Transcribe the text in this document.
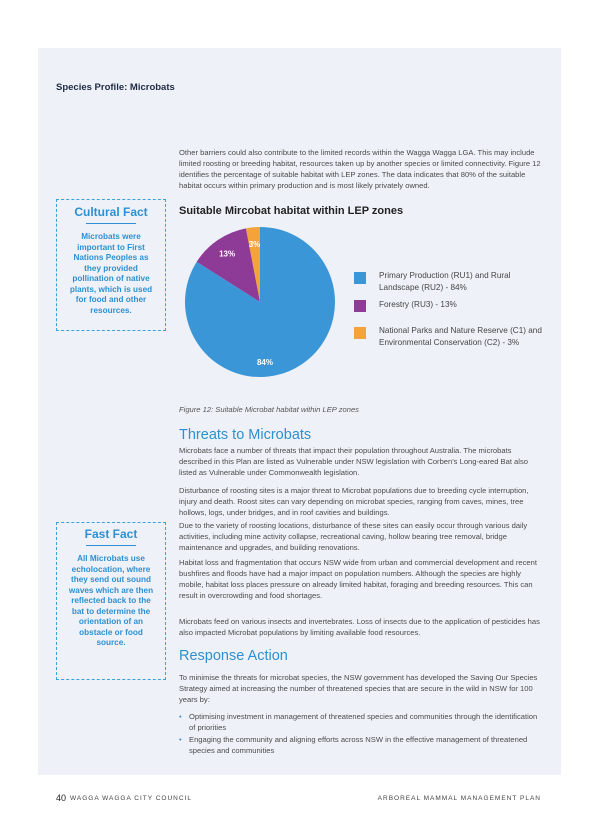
Species Profile: Microbats

Other barriers could also contribute to the limited records within the Wagga Wagga LGA. This may include limited roosting or breeding habitat, resources taken up by another species or limited connectivity. Figure 12 identifies the percentage of suitable habitat with LEP zones. The data indicates that 80% of the suitable habitat occurs within primary production and is most likely privately owned.

Cultural Fact
Microbats were important to First Nations Peoples as they provided pollination of native plants, which is used for food and other resources.
Fast Fact
All Microbats use echolocation, where they send out sound waves which are then reflected back to the bat to determine the orientation of an obstacle or food source.
Suitable Mircobat habitat within LEP zones
13%
3%
84%
Primary Production (RU1) and Rural Landscape (RU2) - 84%
Forestry (RU3) - 13%
National Parks and Nature Reserve (C1) and Environmental Conservation (C2) - 3%
Figure 12: Suitable Microbat habitat within LEP zones
Threats to Microbats

Microbats face a number of threats that impact their population throughout Australia. The microbats described in this Plan are listed as Vulnerable under NSW legislation with Corben's Long-eared Bat also listed as Vulnerable under Commonwealth legislation.

Disturbance of roosting sites is a major threat to Microbat populations due to breeding cycle interruption, injury and death. Roost sites can vary depending on microbat species, ranging from caves, mines, tree hollows, logs, under bridges, and in roof cavities and buildings.

Due to the variety of roosting locations, disturbance of these sites can easily occur through various daily activities, including mine activity collapse, recreational caving, hollow bearing tree removal, bridge maintenance and upgrades, and building renovations.

Habitat loss and fragmentation that occurs NSW wide from urban and commercial development and recent bushfires and floods have had a major impact on population numbers. Although the species are highly mobile, habitat loss places pressure on already limited habitat, foraging and breeding resources. This can result in overcrowding and food shortages.

Microbats feed on various insects and invertebrates. Loss of insects due to the application of pesticides has also impacted Microbat populations by limiting available food resources.

Response Action

To minimise the threats for microbat species, the NSW government has developed the Saving Our Species Strategy aimed at increasing the number of threatened species that are secure in the wild in NSW for 100 years by:

• Optimising investment in management of threatened species and communities through the identification of priorities
• Engaging the community and aligning efforts across NSW in the effective management of threatened species and communities
40 WAGGA WAGGA CITY COUNCIL	ARBOREAL MAMMAL MANAGEMENT PLAN
